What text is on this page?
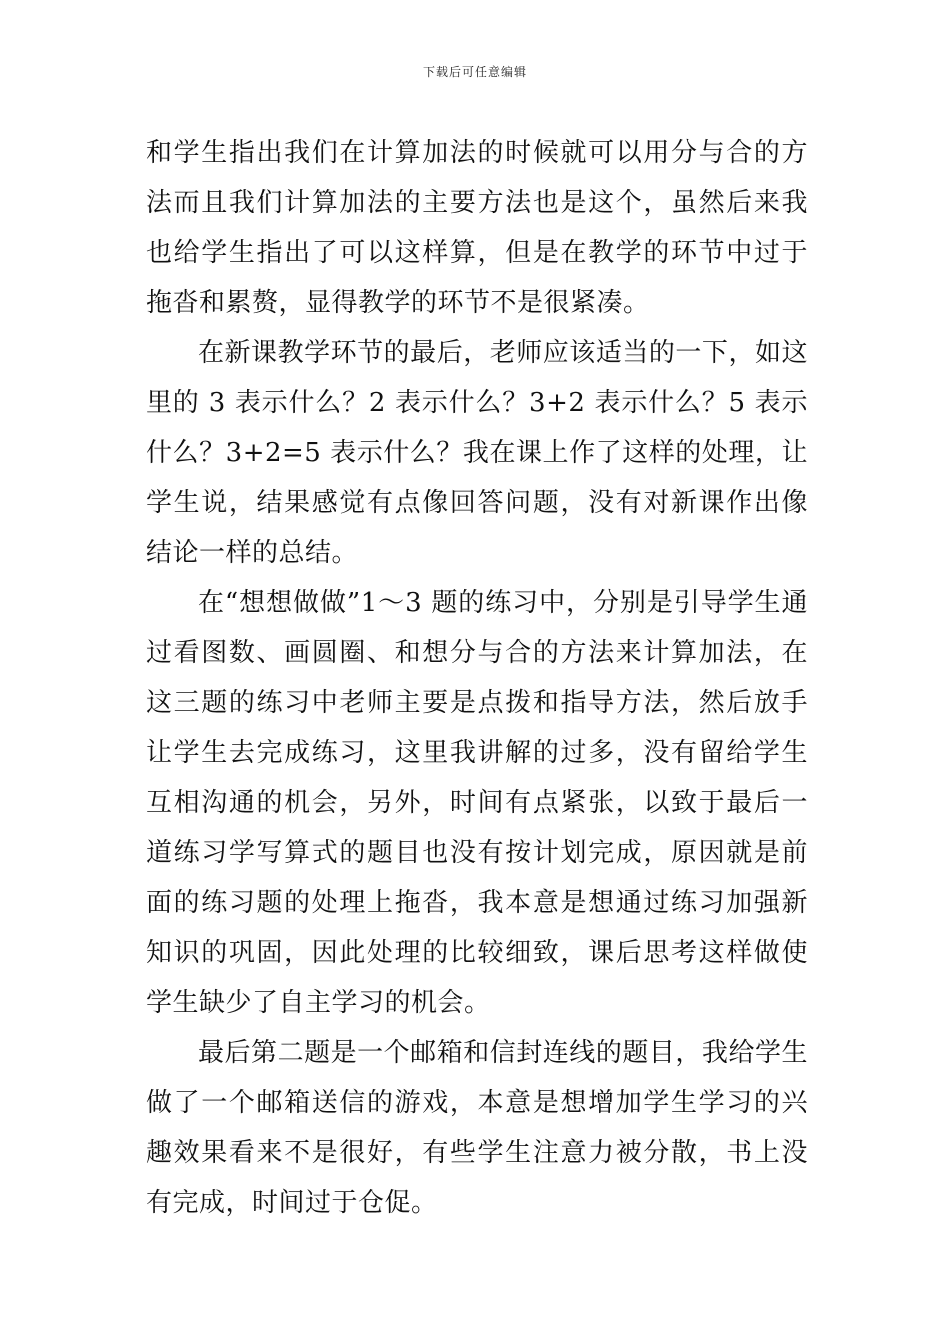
下载后可任意编辑

和学生指出我们在计算加法的时候就可以用分与合的方法而且我们计算加法的主要方法也是这个，虽然后来我也给学生指出了可以这样算，但是在教学的环节中过于拖沓和累赘，显得教学的环节不是很紧凑。

在新课教学环节的最后，老师应该适当的一下，如这里的 3 表示什么？2 表示什么？3+2 表示什么？5 表示什么？3+2=5 表示什么？我在课上作了这样的处理，让学生说，结果感觉有点像回答问题，没有对新课作出像结论一样的总结。

在“想想做做”1～3 题的练习中，分别是引导学生通过看图数、画圆圈、和想分与合的方法来计算加法，在这三题的练习中老师主要是点拨和指导方法，然后放手让学生去完成练习，这里我讲解的过多，没有留给学生互相沟通的机会，另外，时间有点紧张，以致于最后一道练习学写算式的题目也没有按计划完成，原因就是前面的练习题的处理上拖沓，我本意是想通过练习加强新知识的巩固，因此处理的比较细致，课后思考这样做使学生缺少了自主学习的机会。

最后第二题是一个邮箱和信封连线的题目，我给学生做了一个邮箱送信的游戏，本意是想增加学生学习的兴趣效果看来不是很好，有些学生注意力被分散，书上没有完成，时间过于仓促。
